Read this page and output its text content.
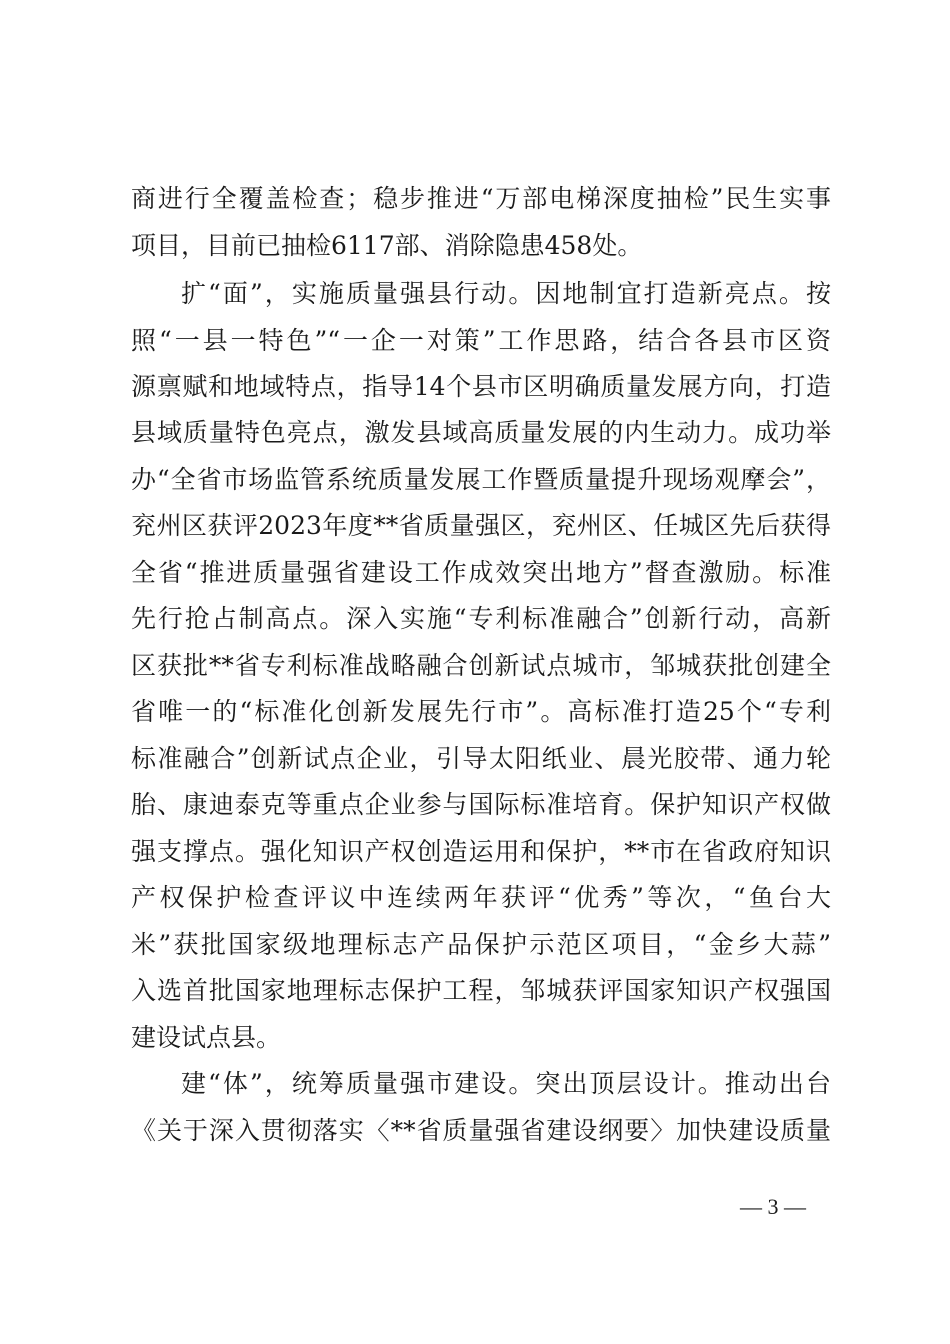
商进行全覆盖检查；稳步推进“万部电梯深度抽检”民生实事
项目，目前已抽检6117部、消除隐患458处。
扩“面”，实施质量强县行动。因地制宜打造新亮点。按
照“一县一特色”“一企一对策”工作思路，结合各县市区资
源禀赋和地域特点，指导14个县市区明确质量发展方向，打造
县域质量特色亮点，激发县域高质量发展的内生动力。成功举
办“全省市场监管系统质量发展工作暨质量提升现场观摩会”，
兖州区获评2023年度**省质量强区，兖州区、任城区先后获得
全省“推进质量强省建设工作成效突出地方”督查激励。标准
先行抢占制高点。深入实施“专利标准融合”创新行动，高新
区获批**省专利标准战略融合创新试点城市，邹城获批创建全
省唯一的“标准化创新发展先行市”。高标准打造25个“专利
标准融合”创新试点企业，引导太阳纸业、晨光胶带、通力轮
胎、康迪泰克等重点企业参与国际标准培育。保护知识产权做
强支撑点。强化知识产权创造运用和保护，**市在省政府知识
产权保护检查评议中连续两年获评“优秀”等次，“鱼台大
米”获批国家级地理标志产品保护示范区项目，“金乡大蒜”
入选首批国家地理标志保护工程，邹城获评国家知识产权强国
建设试点县。
建“体”，统筹质量强市建设。突出顶层设计。推动出台
《关于深入贯彻落实〈**省质量强省建设纲要〉加快建设质量
— 3 —
